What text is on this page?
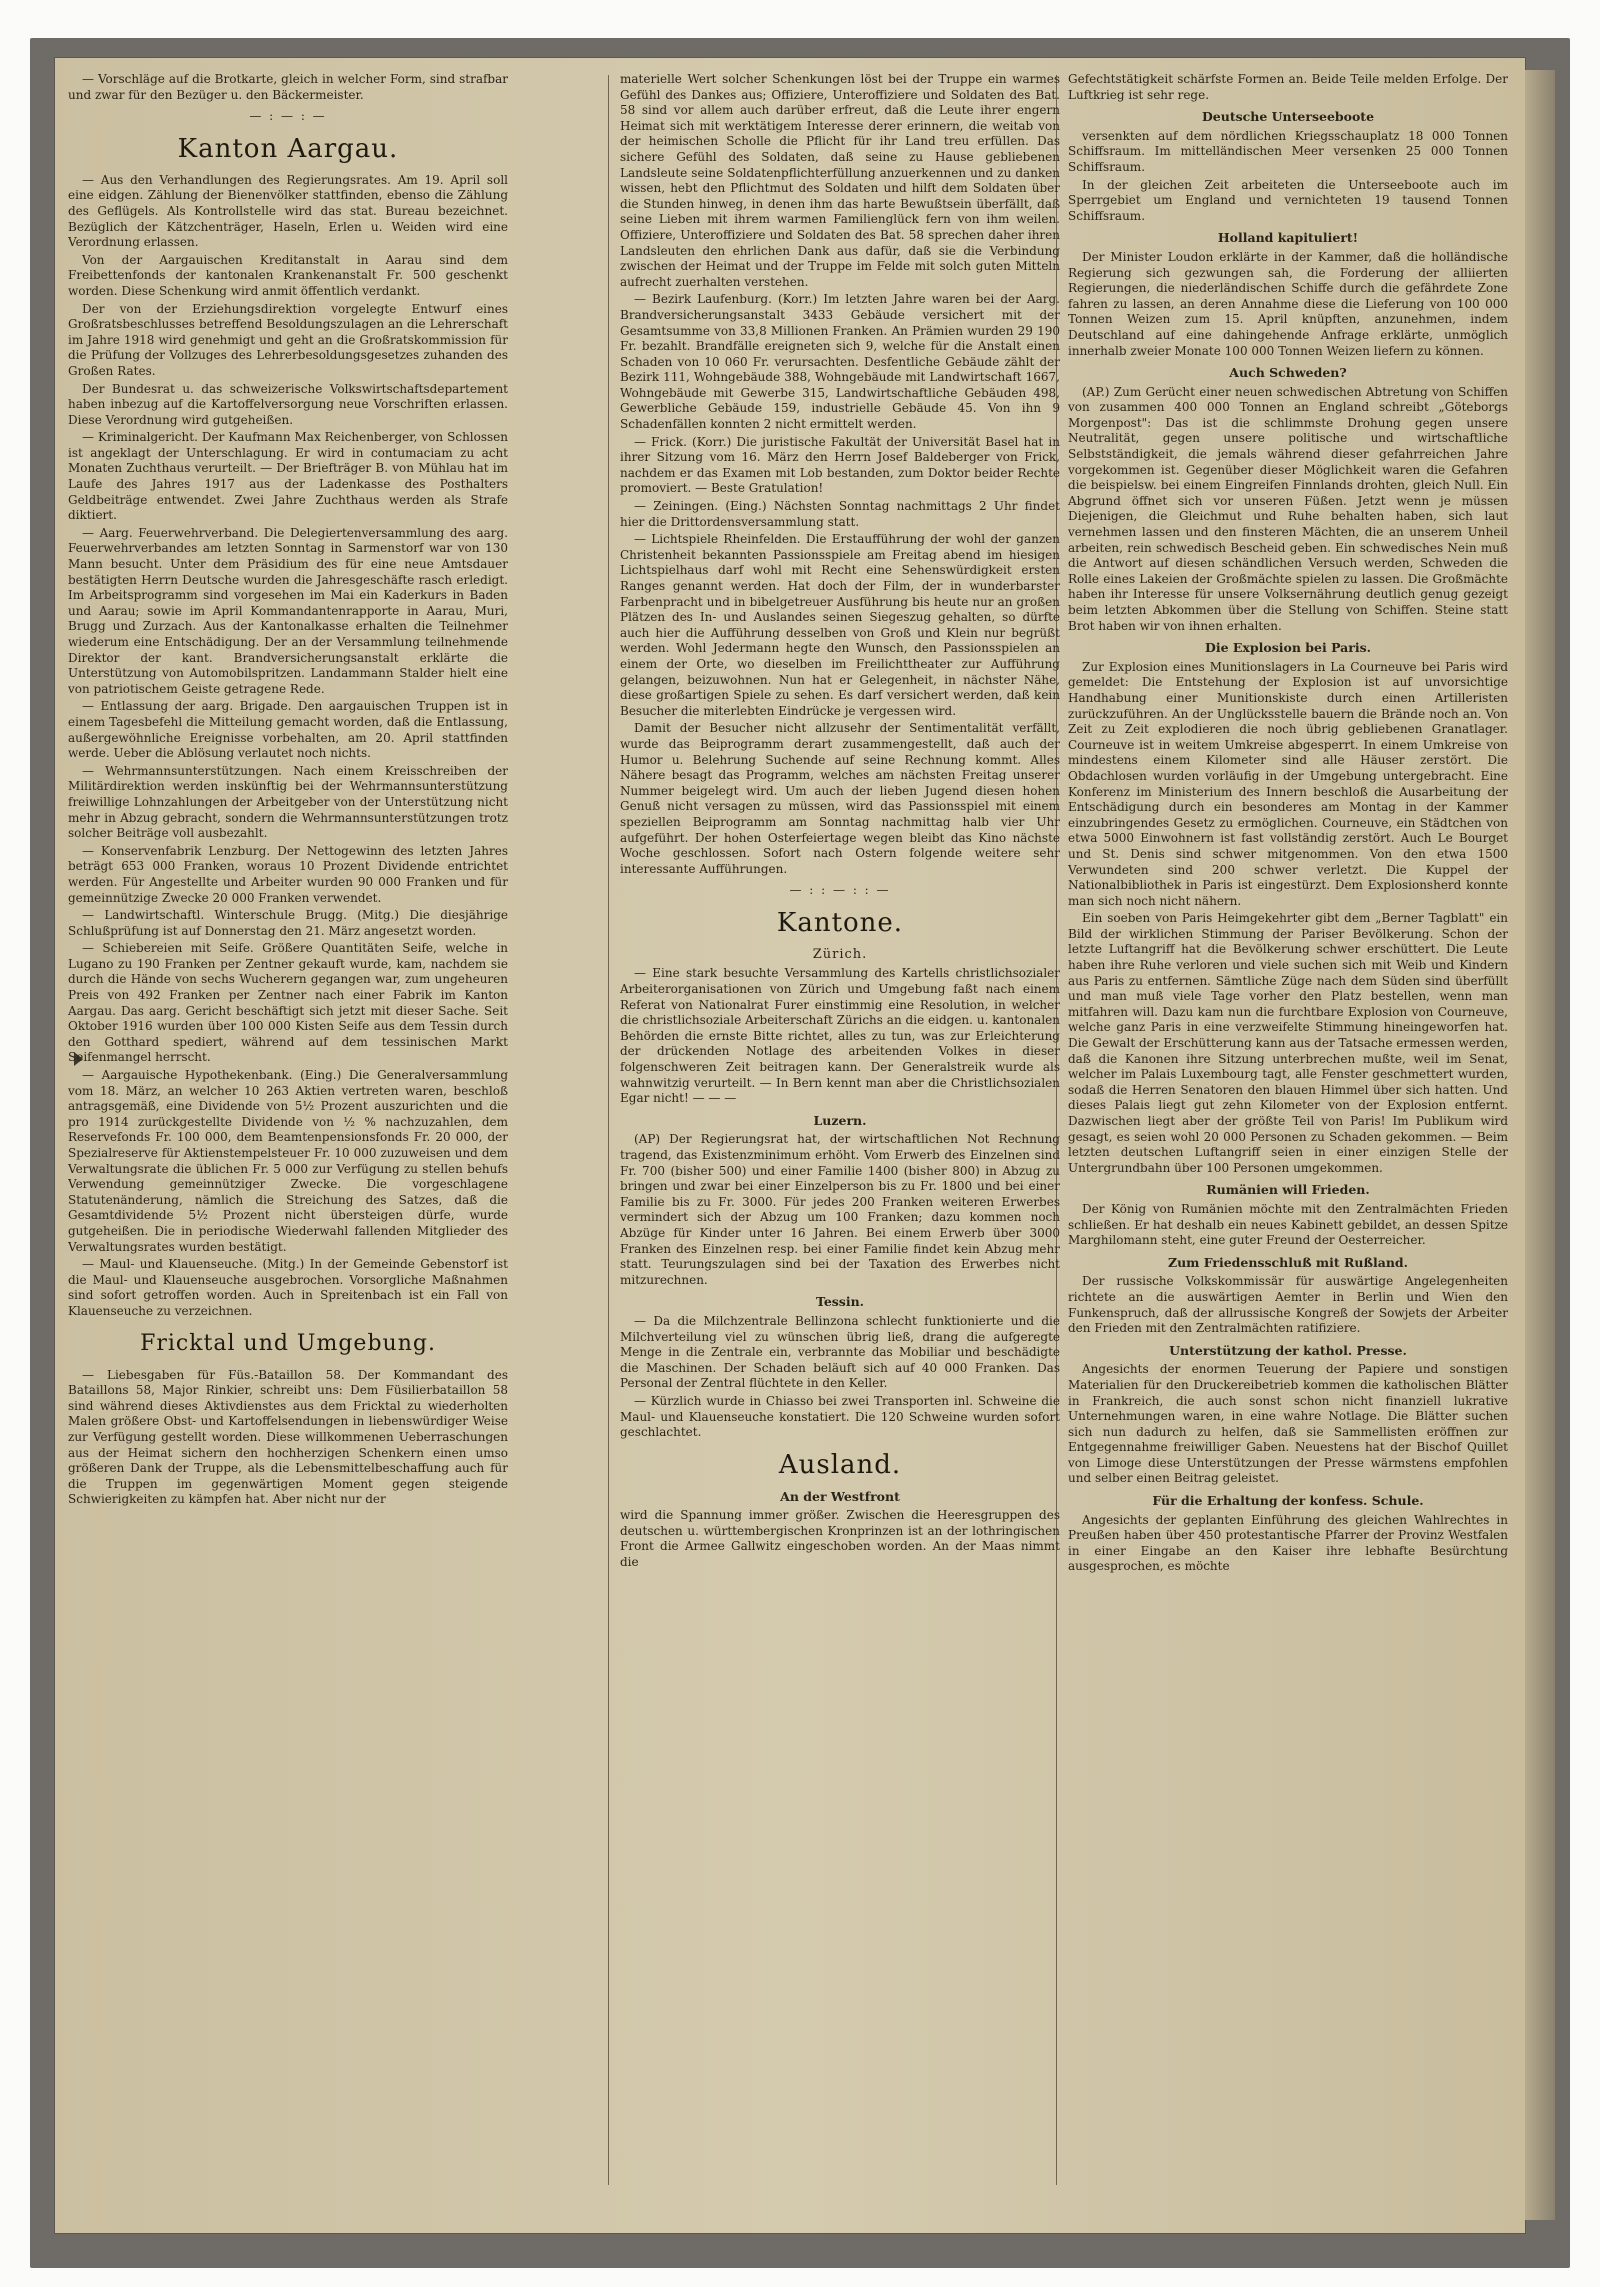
— Vorschläge auf die Brotkarte, gleich in welcher Form, sind strafbar und zwar für den Bezüger u. den Bäckermeister.

— : — : —
Kanton Aargau.

— Aus den Verhandlungen des Regierungsrates. Am 19. April soll eine eidgen. Zählung der Bienenvölker stattfinden, ebenso die Zählung des Geflügels. Als Kontrollstelle wird das stat. Bureau bezeichnet. Bezüglich der Kätzchenträger, Haseln, Erlen u. Weiden wird eine Verordnung erlassen.

Von der Aargauischen Kreditanstalt in Aarau sind dem Freibettenfonds der kantonalen Krankenanstalt Fr. 500 geschenkt worden. Diese Schenkung wird anmit öffentlich verdankt.

Der von der Erziehungsdirektion vorgelegte Entwurf eines Großratsbeschlusses betreffend Besoldungszulagen an die Lehrerschaft im Jahre 1918 wird genehmigt und geht an die Großratskommission für die Prüfung der Vollzuges des Lehrerbesoldungsgesetzes zuhanden des Großen Rates.

Der Bundesrat u. das schweizerische Volkswirtschaftsdepartement haben inbezug auf die Kartoffelversorgung neue Vorschriften erlassen. Diese Verordnung wird gutgeheißen.

— Kriminalgericht. Der Kaufmann Max Reichenberger, von Schlossen ist angeklagt der Unterschlagung. Er wird in contumaciam zu acht Monaten Zuchthaus verurteilt. — Der Briefträger B. von Mühlau hat im Laufe des Jahres 1917 aus der Ladenkasse des Posthalters Geldbeiträge entwendet. Zwei Jahre Zuchthaus werden als Strafe diktiert.

— Aarg. Feuerwehrverband. Die Delegiertenversammlung des aarg. Feuerwehrverbandes am letzten Sonntag in Sarmenstorf war von 130 Mann besucht. Unter dem Präsidium des für eine neue Amtsdauer bestätigten Herrn Deutsche wurden die Jahresgeschäfte rasch erledigt. Im Arbeitsprogramm sind vorgesehen im Mai ein Kaderkurs in Baden und Aarau; sowie im April Kommandantenrapporte in Aarau, Muri, Brugg und Zurzach. Aus der Kantonalkasse erhalten die Teilnehmer wiederum eine Entschädigung. Der an der Versammlung teilnehmende Direktor der kant. Brandversicherungsanstalt erklärte die Unterstützung von Automobilspritzen. Landammann Stalder hielt eine von patriotischem Geiste getragene Rede.

— Entlassung der aarg. Brigade. Den aargauischen Truppen ist in einem Tagesbefehl die Mitteilung gemacht worden, daß die Entlassung, außergewöhnliche Ereignisse vorbehalten, am 20. April stattfinden werde. Ueber die Ablösung verlautet noch nichts.

— Wehrmannsunterstützungen. Nach einem Kreisschreiben der Militärdirektion werden inskünftig bei der Wehrmannsunterstützung freiwillige Lohnzahlungen der Arbeitgeber von der Unterstützung nicht mehr in Abzug gebracht, sondern die Wehrmannsunterstützungen trotz solcher Beiträge voll ausbezahlt.

— Konservenfabrik Lenzburg. Der Nettogewinn des letzten Jahres beträgt 653 000 Franken, woraus 10 Prozent Dividende entrichtet werden. Für Angestellte und Arbeiter wurden 90 000 Franken und für gemeinnützige Zwecke 20 000 Franken verwendet.

— Landwirtschaftl. Winterschule Brugg. (Mitg.) Die diesjährige Schlußprüfung ist auf Donnerstag den 21. März angesetzt worden.

— Schiebereien mit Seife. Größere Quantitäten Seife, welche in Lugano zu 190 Franken per Zentner gekauft wurde, kam, nachdem sie durch die Hände von sechs Wucherern gegangen war, zum ungeheuren Preis von 492 Franken per Zentner nach einer Fabrik im Kanton Aargau. Das aarg. Gericht beschäftigt sich jetzt mit dieser Sache. Seit Oktober 1916 wurden über 100 000 Kisten Seife aus dem Tessin durch den Gotthard spediert, während auf dem tessinischen Markt Seifenmangel herrscht.

— Aargauische Hypothekenbank. (Eing.) Die Generalversammlung vom 18. März, an welcher 10 263 Aktien vertreten waren, beschloß antragsgemäß, eine Dividende von 5½ Prozent auszurichten und die pro 1914 zurückgestellte Dividende von ½ % nachzuzahlen, dem Reservefonds Fr. 100 000, dem Beamtenpensionsfonds Fr. 20 000, der Spezialreserve für Aktienstempelsteuer Fr. 10 000 zuzuweisen und dem Verwaltungsrate die üblichen Fr. 5 000 zur Verfügung zu stellen behufs Verwendung gemeinnütziger Zwecke. Die vorgeschlagene Statutenänderung, nämlich die Streichung des Satzes, daß die Gesamtdividende 5½ Prozent nicht übersteigen dürfe, wurde gutgeheißen. Die in periodische Wiederwahl fallenden Mitglieder des Verwaltungsrates wurden bestätigt.

— Maul- und Klauenseuche. (Mitg.) In der Gemeinde Gebenstorf ist die Maul- und Klauenseuche ausgebrochen. Vorsorgliche Maßnahmen sind sofort getroffen worden. Auch in Spreitenbach ist ein Fall von Klauenseuche zu verzeichnen.

Fricktal und Umgebung.

— Liebesgaben für Füs.-Bataillon 58. Der Kommandant des Bataillons 58, Major Rinkier, schreibt uns: Dem Füsilierbataillon 58 sind während dieses Aktivdienstes aus dem Fricktal zu wiederholten Malen größere Obst- und Kartoffelsendungen in liebenswürdiger Weise zur Verfügung gestellt worden. Diese willkommenen Ueberraschungen aus der Heimat sichern den hochherzigen Schenkern einen umso größeren Dank der Truppe, als die Lebensmittelbeschaffung auch für die Truppen im gegenwärtigen Moment gegen steigende Schwierigkeiten zu kämpfen hat. Aber nicht nur der

materielle Wert solcher Schenkungen löst bei der Truppe ein warmes Gefühl des Dankes aus; Offiziere, Unteroffiziere und Soldaten des Bat. 58 sind vor allem auch darüber erfreut, daß die Leute ihrer engern Heimat sich mit werktätigem Interesse derer erinnern, die weitab von der heimischen Scholle die Pflicht für ihr Land treu erfüllen. Das sichere Gefühl des Soldaten, daß seine zu Hause gebliebenen Landsleute seine Soldatenpflichterfüllung anzuerkennen und zu danken wissen, hebt den Pflichtmut des Soldaten und hilft dem Soldaten über die Stunden hinweg, in denen ihm das harte Bewußtsein überfällt, daß seine Lieben mit ihrem warmen Familienglück fern von ihm weilen. Offiziere, Unteroffiziere und Soldaten des Bat. 58 sprechen daher ihren Landsleuten den ehrlichen Dank aus dafür, daß sie die Verbindung zwischen der Heimat und der Truppe im Felde mit solch guten Mitteln aufrecht zuerhalten verstehen.

— Bezirk Laufenburg. (Korr.) Im letzten Jahre waren bei der Aarg. Brandversicherungsanstalt 3433 Gebäude versichert mit der Gesamtsumme von 33,8 Millionen Franken. An Prämien wurden 29 190 Fr. bezahlt. Brandfälle ereigneten sich 9, welche für die Anstalt einen Schaden von 10 060 Fr. verursachten. Desfentliche Gebäude zählt der Bezirk 111, Wohngebäude 388, Wohngebäude mit Landwirtschaft 1667, Wohngebäude mit Gewerbe 315, Landwirtschaftliche Gebäuden 498, Gewerbliche Gebäude 159, industrielle Gebäude 45. Von ihn 9 Schadenfällen konnten 2 nicht ermittelt werden.

— Frick. (Korr.) Die juristische Fakultät der Universität Basel hat in ihrer Sitzung vom 16. März den Herrn Josef Baldeberger von Frick, nachdem er das Examen mit Lob bestanden, zum Doktor beider Rechte promoviert. — Beste Gratulation!

— Zeiningen. (Eing.) Nächsten Sonntag nachmittags 2 Uhr findet hier die Drittordensversammlung statt.

— Lichtspiele Rheinfelden. Die Erstaufführung der wohl der ganzen Christenheit bekannten Passionsspiele am Freitag abend im hiesigen Lichtspielhaus darf wohl mit Recht eine Sehenswürdigkeit ersten Ranges genannt werden. Hat doch der Film, der in wunderbarster Farbenpracht und in bibelgetreuer Ausführung bis heute nur an großen Plätzen des In- und Auslandes seinen Siegeszug gehalten, so dürfte auch hier die Aufführung desselben von Groß und Klein nur begrüßt werden. Wohl Jedermann hegte den Wunsch, den Passionsspielen an einem der Orte, wo dieselben im Freilichttheater zur Aufführung gelangen, beizuwohnen. Nun hat er Gelegenheit, in nächster Nähe, diese großartigen Spiele zu sehen. Es darf versichert werden, daß kein Besucher die miterlebten Eindrücke je vergessen wird.

Damit der Besucher nicht allzusehr der Sentimentalität verfällt, wurde das Beiprogramm derart zusammengestellt, daß auch der Humor u. Belehrung Suchende auf seine Rechnung kommt. Alles Nähere besagt das Programm, welches am nächsten Freitag unserer Nummer beigelegt wird. Um auch der lieben Jugend diesen hohen Genuß nicht versagen zu müssen, wird das Passionsspiel mit einem speziellen Beiprogramm am Sonntag nachmittag halb vier Uhr aufgeführt. Der hohen Osterfeiertage wegen bleibt das Kino nächste Woche geschlossen. Sofort nach Ostern folgende weitere sehr interessante Aufführungen.

— : : — : : —
Kantone.
Zürich.

— Eine stark besuchte Versammlung des Kartells christlichsozialer Arbeiterorganisationen von Zürich und Umgebung faßt nach einem Referat von Nationalrat Furer einstimmig eine Resolution, in welcher die christlichsoziale Arbeiterschaft Zürichs an die eidgen. u. kantonalen Behörden die ernste Bitte richtet, alles zu tun, was zur Erleichterung der drückenden Notlage des arbeitenden Volkes in dieser folgenschweren Zeit beitragen kann. Der Generalstreik wurde als wahnwitzig verurteilt. — In Bern kennt man aber die Christlichsozialen Egar nicht! — — —

Luzern.

(AP) Der Regierungsrat hat, der wirtschaftlichen Not Rechnung tragend, das Existenzminimum erhöht. Vom Erwerb des Einzelnen sind Fr. 700 (bisher 500) und einer Familie 1400 (bisher 800) in Abzug zu bringen und zwar bei einer Einzelperson bis zu Fr. 1800 und bei einer Familie bis zu Fr. 3000. Für jedes 200 Franken weiteren Erwerbes vermindert sich der Abzug um 100 Franken; dazu kommen noch Abzüge für Kinder unter 16 Jahren. Bei einem Erwerb über 3000 Franken des Einzelnen resp. bei einer Familie findet kein Abzug mehr statt. Teurungszulagen sind bei der Taxation des Erwerbes nicht mitzurechnen.

Tessin.

— Da die Milchzentrale Bellinzona schlecht funktionierte und die Milchverteilung viel zu wünschen übrig ließ, drang die aufgeregte Menge in die Zentrale ein, verbrannte das Mobiliar und beschädigte die Maschinen. Der Schaden beläuft sich auf 40 000 Franken. Das Personal der Zentral flüchtete in den Keller.

— Kürzlich wurde in Chiasso bei zwei Transporten inl. Schweine die Maul- und Klauenseuche konstatiert. Die 120 Schweine wurden sofort geschlachtet.

Ausland.
An der Westfront

wird die Spannung immer größer. Zwischen die Heeresgruppen des deutschen u. württembergischen Kronprinzen ist an der lothringischen Front die Armee Gallwitz eingeschoben worden. An der Maas nimmt die

Gefechtstätigkeit schärfste Formen an. Beide Teile melden Erfolge. Der Luftkrieg ist sehr rege.

Deutsche Unterseeboote

versenkten auf dem nördlichen Kriegsschauplatz 18 000 Tonnen Schiffsraum. Im mittelländischen Meer versenken 25 000 Tonnen Schiffsraum.

In der gleichen Zeit arbeiteten die Unterseeboote auch im Sperrgebiet um England und vernichteten 19 tausend Tonnen Schiffsraum.

Holland kapituliert!

Der Minister Loudon erklärte in der Kammer, daß die holländische Regierung sich gezwungen sah, die Forderung der alliierten Regierungen, die niederländischen Schiffe durch die gefährdete Zone fahren zu lassen, an deren Annahme diese die Lieferung von 100 000 Tonnen Weizen zum 15. April knüpften, anzunehmen, indem Deutschland auf eine dahingehende Anfrage erklärte, unmöglich innerhalb zweier Monate 100 000 Tonnen Weizen liefern zu können.

Auch Schweden?

(AP.) Zum Gerücht einer neuen schwedischen Abtretung von Schiffen von zusammen 400 000 Tonnen an England schreibt „Göteborgs Morgenpost": Das ist die schlimmste Drohung gegen unsere Neutralität, gegen unsere politische und wirtschaftliche Selbstständigkeit, die jemals während dieser gefahrreichen Jahre vorgekommen ist. Gegenüber dieser Möglichkeit waren die Gefahren die beispielsw. bei einem Eingreifen Finnlands drohten, gleich Null. Ein Abgrund öffnet sich vor unseren Füßen. Jetzt wenn je müssen Diejenigen, die Gleichmut und Ruhe behalten haben, sich laut vernehmen lassen und den finsteren Mächten, die an unserem Unheil arbeiten, rein schwedisch Bescheid geben. Ein schwedisches Nein muß die Antwort auf diesen schändlichen Versuch werden, Schweden die Rolle eines Lakeien der Großmächte spielen zu lassen. Die Großmächte haben ihr Interesse für unsere Volksernährung deutlich genug gezeigt beim letzten Abkommen über die Stellung von Schiffen. Steine statt Brot haben wir von ihnen erhalten.

Die Explosion bei Paris.

Zur Explosion eines Munitionslagers in La Courneuve bei Paris wird gemeldet: Die Entstehung der Explosion ist auf unvorsichtige Handhabung einer Munitionskiste durch einen Artilleristen zurückzuführen. An der Unglücksstelle bauern die Brände noch an. Von Zeit zu Zeit explodieren die noch übrig gebliebenen Granatlager. Courneuve ist in weitem Umkreise abgesperrt. In einem Umkreise von mindestens einem Kilometer sind alle Häuser zerstört. Die Obdachlosen wurden vorläufig in der Umgebung untergebracht. Eine Konferenz im Ministerium des Innern beschloß die Ausarbeitung der Entschädigung durch ein besonderes am Montag in der Kammer einzubringendes Gesetz zu ermöglichen. Courneuve, ein Städtchen von etwa 5000 Einwohnern ist fast vollständig zerstört. Auch Le Bourget und St. Denis sind schwer mitgenommen. Von den etwa 1500 Verwundeten sind 200 schwer verletzt. Die Kuppel der Nationalbibliothek in Paris ist eingestürzt. Dem Explosionsherd konnte man sich noch nicht nähern.

Ein soeben von Paris Heimgekehrter gibt dem „Berner Tagblatt" ein Bild der wirklichen Stimmung der Pariser Bevölkerung. Schon der letzte Luftangriff hat die Bevölkerung schwer erschüttert. Die Leute haben ihre Ruhe verloren und viele suchen sich mit Weib und Kindern aus Paris zu entfernen. Sämtliche Züge nach dem Süden sind überfüllt und man muß viele Tage vorher den Platz bestellen, wenn man mitfahren will. Dazu kam nun die furchtbare Explosion von Courneuve, welche ganz Paris in eine verzweifelte Stimmung hineingeworfen hat. Die Gewalt der Erschütterung kann aus der Tatsache ermessen werden, daß die Kanonen ihre Sitzung unterbrechen mußte, weil im Senat, welcher im Palais Luxembourg tagt, alle Fenster geschmettert wurden, sodaß die Herren Senatoren den blauen Himmel über sich hatten. Und dieses Palais liegt gut zehn Kilometer von der Explosion entfernt. Dazwischen liegt aber der größte Teil von Paris! Im Publikum wird gesagt, es seien wohl 20 000 Personen zu Schaden gekommen. — Beim letzten deutschen Luftangriff seien in einer einzigen Stelle der Untergrundbahn über 100 Personen umgekommen.

Rumänien will Frieden.

Der König von Rumänien möchte mit den Zentralmächten Frieden schließen. Er hat deshalb ein neues Kabinett gebildet, an dessen Spitze Marghilomann steht, eine guter Freund der Oesterreicher.

Zum Friedensschluß mit Rußland.

Der russische Volkskommissär für auswärtige Angelegenheiten richtete an die auswärtigen Aemter in Berlin und Wien den Funkenspruch, daß der allrussische Kongreß der Sowjets der Arbeiter den Frieden mit den Zentralmächten ratifiziere.

Unterstützung der kathol. Presse.

Angesichts der enormen Teuerung der Papiere und sonstigen Materialien für den Druckereibetrieb kommen die katholischen Blätter in Frankreich, die auch sonst schon nicht finanziell lukrative Unternehmungen waren, in eine wahre Notlage. Die Blätter suchen sich nun dadurch zu helfen, daß sie Sammellisten eröffnen zur Entgegennahme freiwilliger Gaben. Neuestens hat der Bischof Quillet von Limoge diese Unterstützungen der Presse wärmstens empfohlen und selber einen Beitrag geleistet.

Für die Erhaltung der konfess. Schule.

Angesichts der geplanten Einführung des gleichen Wahlrechtes in Preußen haben über 450 protestantische Pfarrer der Provinz Westfalen in einer Eingabe an den Kaiser ihre lebhafte Besürchtung ausgesprochen, es möchte
